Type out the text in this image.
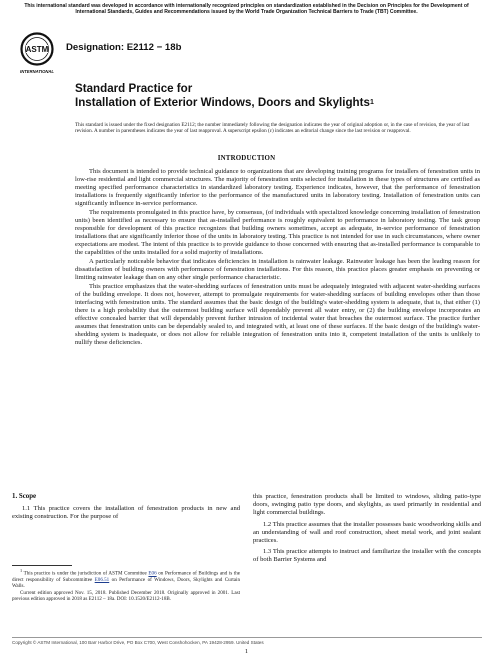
This international standard was developed in accordance with internationally recognized principles on standardization established in the Decision on Principles for the Development of International Standards, Guides and Recommendations issued by the World Trade Organization Technical Barriers to Trade (TBT) Committee.
ASTM
INTERNATIONAL
Designation: E2112 − 18b
Standard Practice for
Installation of Exterior Windows, Doors and Skylights$^1$
This standard is issued under the fixed designation E2112; the number immediately following the designation indicates the year of original adoption or, in the case of revision, the year of last revision. A number in parentheses indicates the year of last reapproval. A superscript epsilon (ε) indicates an editorial change since the last revision or reapproval.
INTRODUCTION

This document is intended to provide technical guidance to organizations that are developing training programs for installers of fenestration units in low-rise residential and light commercial structures. The majority of fenestration units selected for installation in these types of structures are certified as meeting specified performance characteristics in standardized laboratory testing. Experience indicates, however, that the performance of fenestration installations is frequently significantly inferior to the performance of the manufactured units in laboratory testing. Installation of fenestration units can significantly influence in-service performance.

The requirements promulgated in this practice have, by consensus, (of individuals with specialized knowledge concerning installation of fenestration units) been identified as necessary to ensure that as-installed performance is roughly equivalent to performance in laboratory testing. The task group responsible for development of this practice recognizes that building owners sometimes, accept as adequate, in-service performance of fenestration installations that are significantly inferior those of the units in laboratory testing. This practice is not intended for use in such circumstances, where owner expectations are modest. The intent of this practice is to provide guidance to those concerned with ensuring that as-installed performance is comparable to the capabilities of the units installed for a solid majority of installations.

A particularly noticeable behavior that indicates deficiencies in installation is rainwater leakage. Rainwater leakage has been the leading reason for dissatisfaction of building owners with performance of fenestration installations. For this reason, this practice places greater emphasis on preventing or limiting rainwater leakage than on any other single performance characteristic.

This practice emphasizes that the water-shedding surfaces of fenestration units must be adequately integrated with adjacent water-shedding surfaces of the building envelope. It does not, however, attempt to promulgate requirements for water-shedding surfaces of building envelopes other than those interfacing with fenestration units. The standard assumes that the basic design of the building's water-shedding system is adequate, that is, that either (1) there is a high probability that the outermost building surface will dependably prevent all water entry, or (2) the building envelope incorporates an effective concealed barrier that will dependably prevent further intrusion of incidental water that breaches the outermost surface. The practice further assumes that fenestration units can be dependably sealed to, and integrated with, at least one of these surfaces. If the basic design of the building's water-shedding system is inadequate, or does not allow for reliable integration of fenestration units into it, competent installation of the units is unlikely to nullify these deficiencies.

1. Scope

1.1 This practice covers the installation of fenestration products in new and existing construction. For the purpose of

$^1$ This practice is under the jurisdiction of ASTM Committee E06 on Performance of Buildings and is the direct responsibility of Subcommittee E06.51 on Performance of Windows, Doors, Skylights and Curtain Walls.

Current edition approved Nov. 15, 2018. Published December 2018. Originally approved in 2001. Last previous edition approved in 2018 as E2112 – 18a. DOI: 10.1520/E2112-18B.

this practice, fenestration products shall be limited to windows, sliding patio-type doors, swinging patio type doors, and skylights, as used primarily in residential and light commercial buildings.

1.2 This practice assumes that the installer possesses basic woodworking skills and an understanding of wall and roof construction, sheet metal work, and joint sealant practices.

1.3 This practice attempts to instruct and familiarize the installer with the concepts of both Barrier Systems and

Copyright © ASTM International, 100 Barr Harbor Drive, PO Box C700, West Conshohocken, PA 19428-2959. United States
1
